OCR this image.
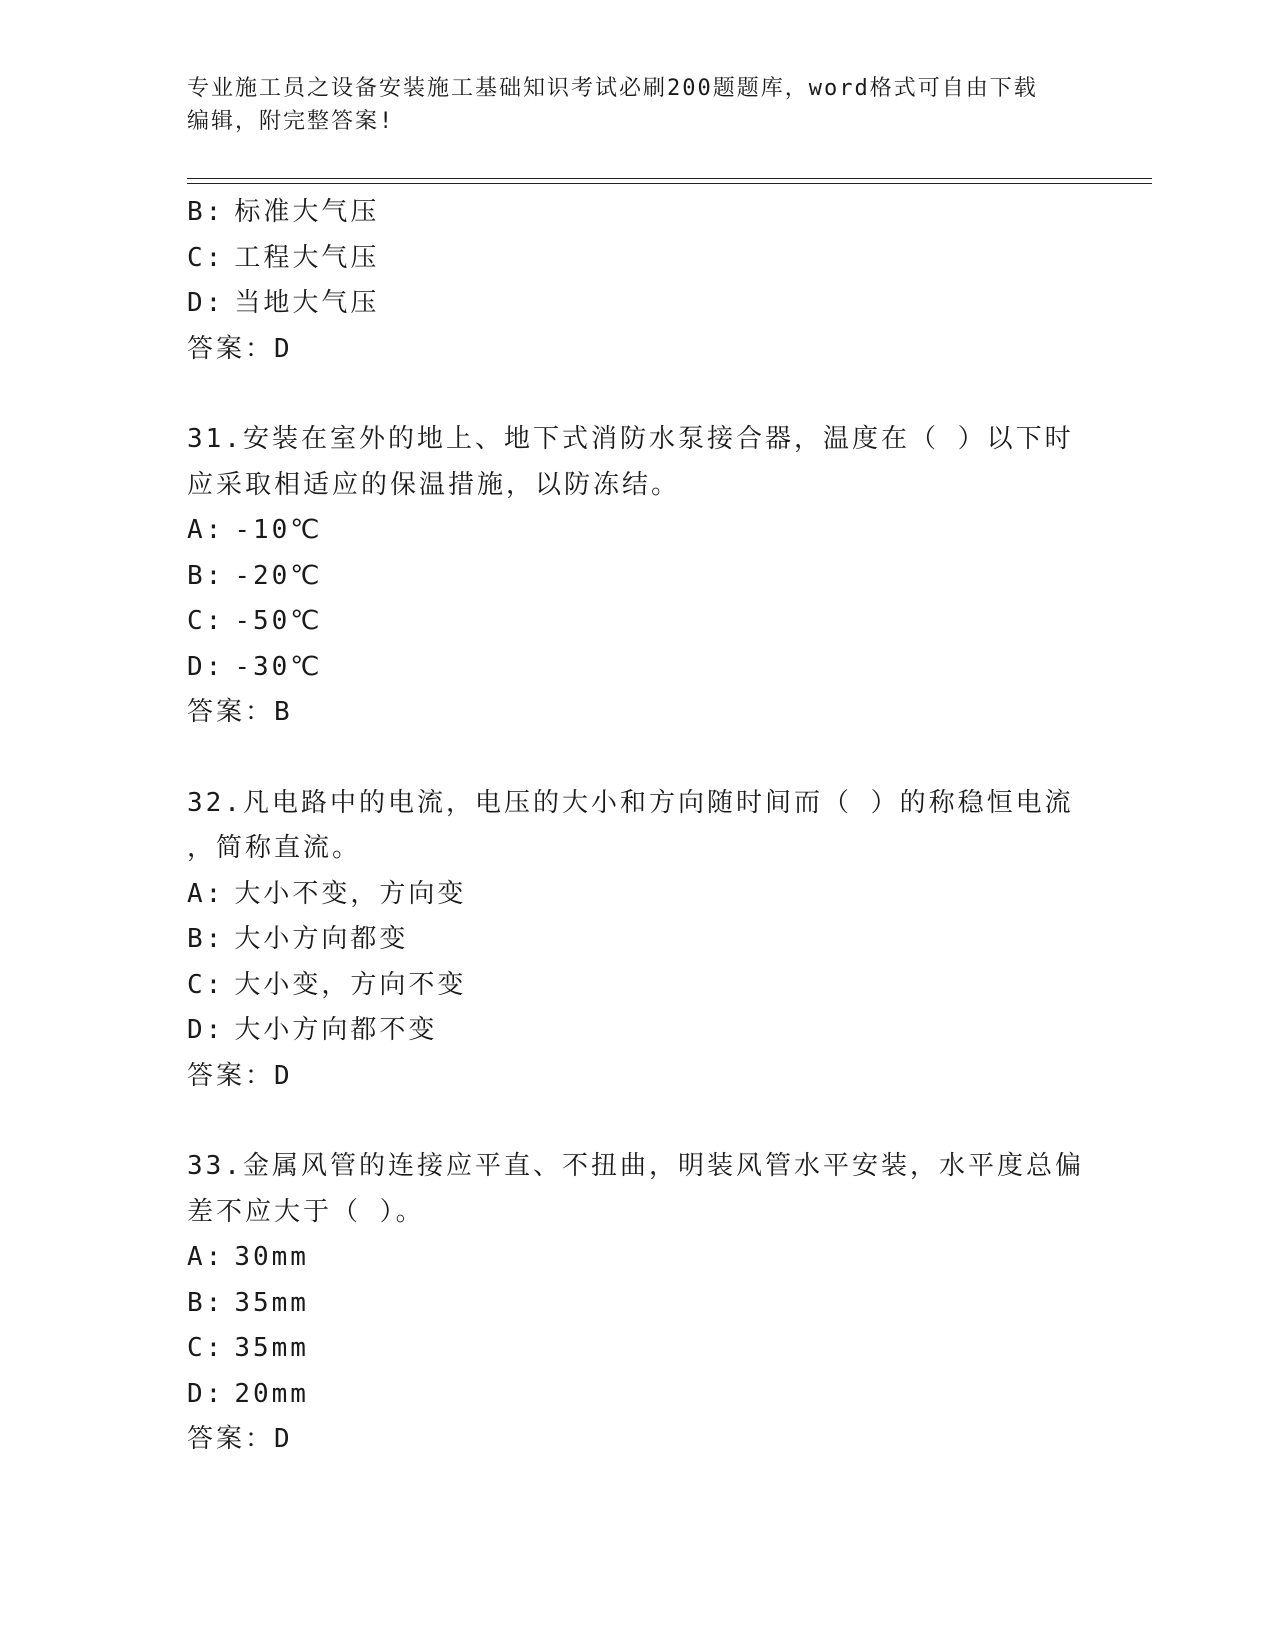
专业施工员之设备安装施工基础知识考试必刷200题题库，word格式可自由下载
编辑，附完整答案!
B: 标准大气压
C: 工程大气压
D: 当地大气压
答案：D
31.安装在室外的地上、地下式消防水泵接合器，温度在（ ）以下时
应采取相适应的保温措施，以防冻结。
A: -10℃
B: -20℃
C: -50℃
D: -30℃
答案：B
32.凡电路中的电流，电压的大小和方向随时间而（ ）的称稳恒电流
，简称直流。
A: 大小不变，方向变
B: 大小方向都变
C: 大小变，方向不变
D: 大小方向都不变
答案：D
33.金属风管的连接应平直、不扭曲，明装风管水平安装，水平度总偏
差不应大于（ ）。
A: 30mm
B: 35mm
C: 35mm
D: 20mm
答案：D
